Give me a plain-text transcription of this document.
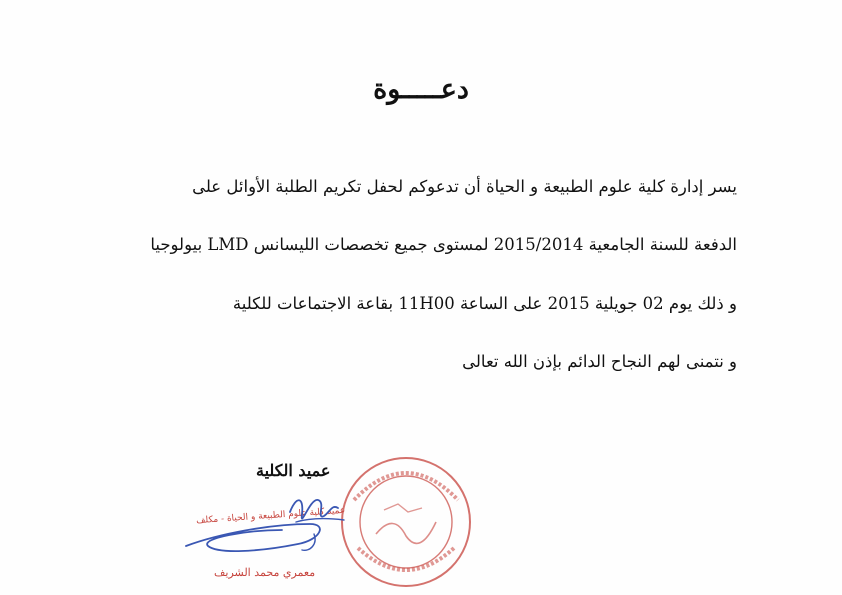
دعـــــوة
يسر إدارة كلية علوم الطبيعة و الحياة أن تدعوكم لحفل تكريم الطلبة الأوائل على
الدفعة للسنة الجامعية 2015/2014 لمستوى جميع تخصصات الليسانس LMD بيولوجيا
و ذلك يوم 02 جويلية 2015 على الساعة 11H00 بقاعة الاجتماعات للكلية
و نتمنى لهم النجاح الدائم بإذن الله تعالى
عميد الكلية
عميد كلية علوم الطبيعة و الحياة - مكلف
معمري محمد الشريف
